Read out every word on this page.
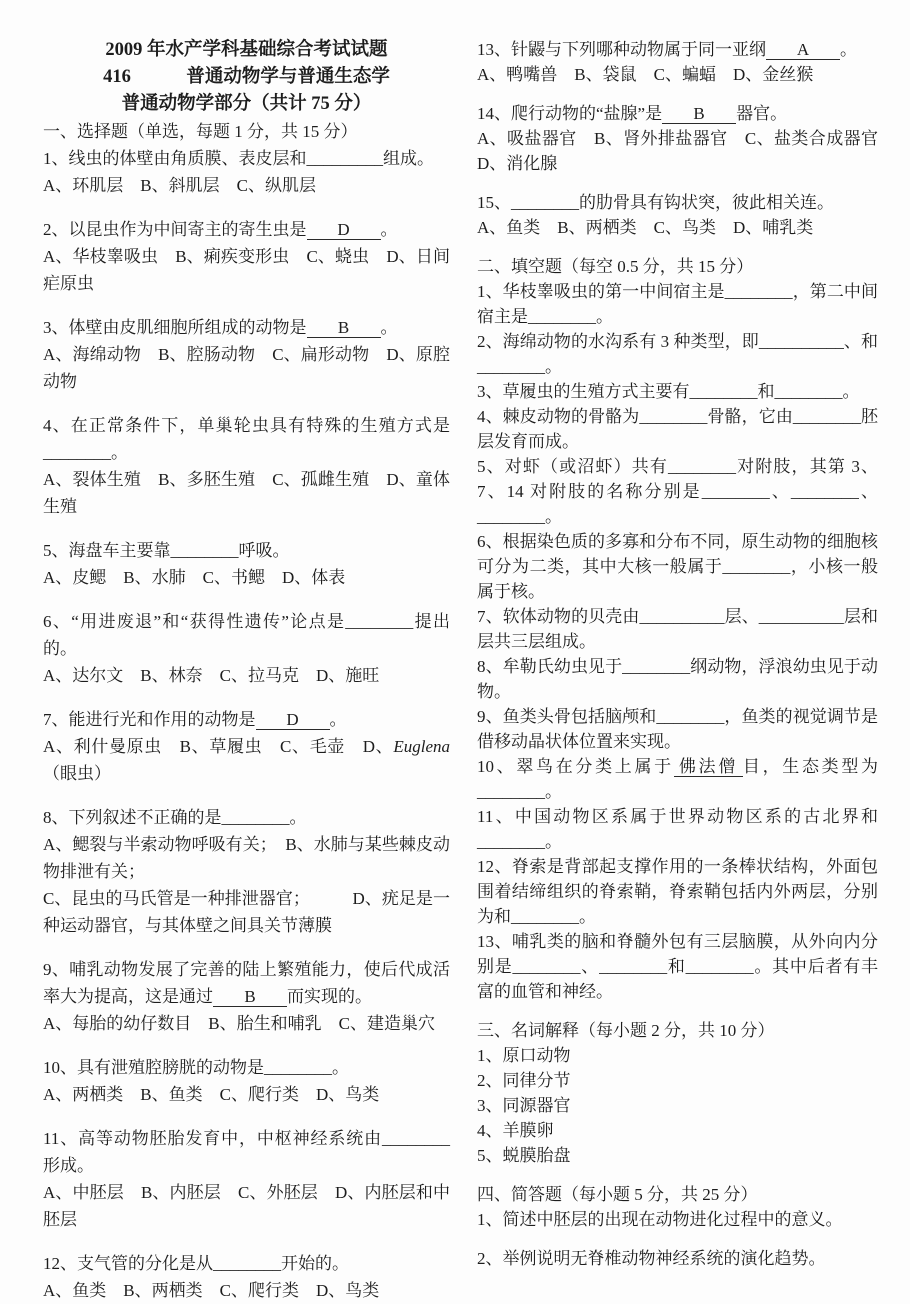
2009 年水产学科基础综合考试试题

416　　　普通动物学与普通生态学

普通动物学部分（共计 75 分）

一、选择题（单选，每题 1 分，共 15 分）

1、线虫的体壁由角质膜、表皮层和_________组成。

A、环肌层　B、斜肌层　C、纵肌层

2、以昆虫作为中间寄主的寄生虫是 D 。

A、华枝睾吸虫　B、痢疾变形虫　C、蛲虫　D、日间疟原虫

3、体壁由皮肌细胞所组成的动物是 B 。

A、海绵动物　B、腔肠动物　C、扁形动物　D、原腔动物

4、在正常条件下，单巢轮虫具有特殊的生殖方式是________。

A、裂体生殖　B、多胚生殖　C、孤雌生殖　D、童体生殖

5、海盘车主要靠________呼吸。

A、皮鳃　B、水肺　C、书鳃　D、体表

6、“用进废退”和“获得性遗传”论点是________提出的。

A、达尔文　B、林奈　C、拉马克　D、施旺

7、能进行光和作用的动物是 D 。

A、利什曼原虫　B、草履虫　C、毛壶　D、Euglena（眼虫）

8、下列叙述不正确的是________。

A、鳃裂与半索动物呼吸有关；　B、水肺与某些棘皮动物排泄有关；

C、昆虫的马氏管是一种排泄器官；　　　D、疣足是一种运动器官，与其体壁之间具关节薄膜

9、哺乳动物发展了完善的陆上繁殖能力，使后代成活率大为提高，这是通过 B 而实现的。

A、每胎的幼仔数目　B、胎生和哺乳　C、建造巢穴

10、具有泄殖腔膀胱的动物是________。

A、两栖类　B、鱼类　C、爬行类　D、鸟类

11、高等动物胚胎发育中，中枢神经系统由________形成。

A、中胚层　B、内胚层　C、外胚层　D、内胚层和中胚层

12、支气管的分化是从________开始的。

A、鱼类　B、两栖类　C、爬行类　D、鸟类

13、针鼹与下列哪种动物属于同一亚纲 A 。

A、鸭嘴兽　B、袋鼠　C、蝙蝠　D、金丝猴

14、爬行动物的“盐腺”是 B 器官。

A、吸盐器官　B、肾外排盐器官　C、盐类合成器官　D、消化腺

15、________的肋骨具有钩状突，彼此相关连。

A、鱼类　B、两栖类　C、鸟类　D、哺乳类

二、填空题（每空 0.5 分，共 15 分）

1、华枝睾吸虫的第一中间宿主是________，第二中间宿主是________。

2、海绵动物的水沟系有 3 种类型，即__________、和________。

3、草履虫的生殖方式主要有________和________。

4、棘皮动物的骨骼为________骨骼，它由________胚层发育而成。

5、对虾（或沼虾）共有________对附肢，其第 3、7、14 对附肢的名称分别是________、________、________。

6、根据染色质的多寡和分布不同，原生动物的细胞核可分为二类，其中大核一般属于________，小核一般属于核。

7、软体动物的贝壳由__________层、__________层和层共三层组成。

8、牟勒氏幼虫见于________纲动物，浮浪幼虫见于动物。

9、鱼类头骨包括脑颅和________，鱼类的视觉调节是借移动晶状体位置来实现。

10、翠鸟在分类上属于 佛法僧 目，生态类型为________。

11、中国动物区系属于世界动物区系的古北界和________。

12、脊索是背部起支撑作用的一条棒状结构，外面包围着结缔组织的脊索鞘，脊索鞘包括内外两层，分别为和________。

13、哺乳类的脑和脊髓外包有三层脑膜，从外向内分别是________、________和________。其中后者有丰富的血管和神经。

三、名词解释（每小题 2 分，共 10 分）

1、原口动物

2、同律分节

3、同源器官

4、羊膜卵

5、蜕膜胎盘

四、简答题（每小题 5 分，共 25 分）

1、简述中胚层的出现在动物进化过程中的意义。

2、举例说明无脊椎动物神经系统的演化趋势。
